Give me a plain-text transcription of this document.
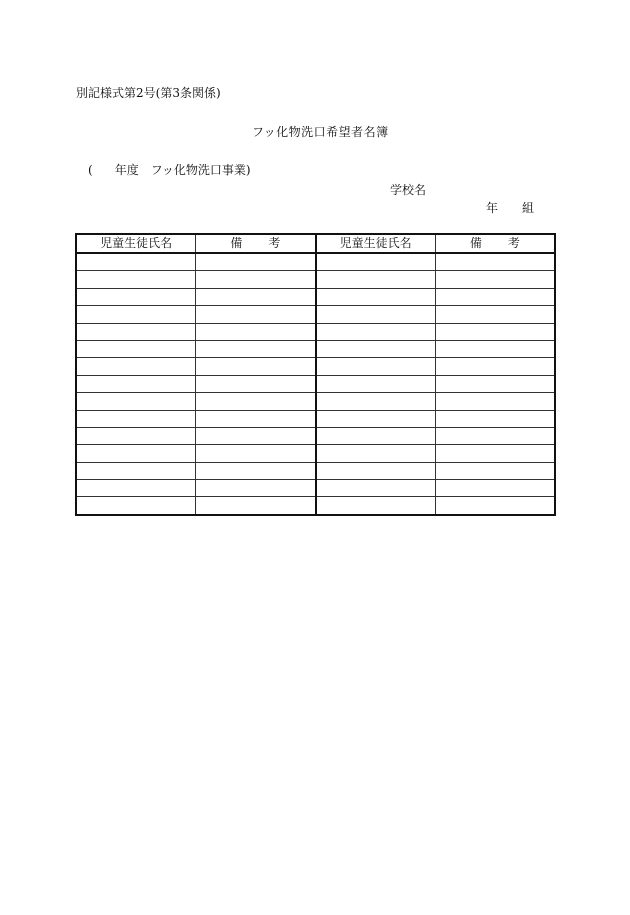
別記様式第2号(第3条関係)
フッ化物洗口希望者名簿
( 年度 フッ化物洗口事業)
学校名
年 組
児童生徒氏名	備考	児童生徒氏名	備考
